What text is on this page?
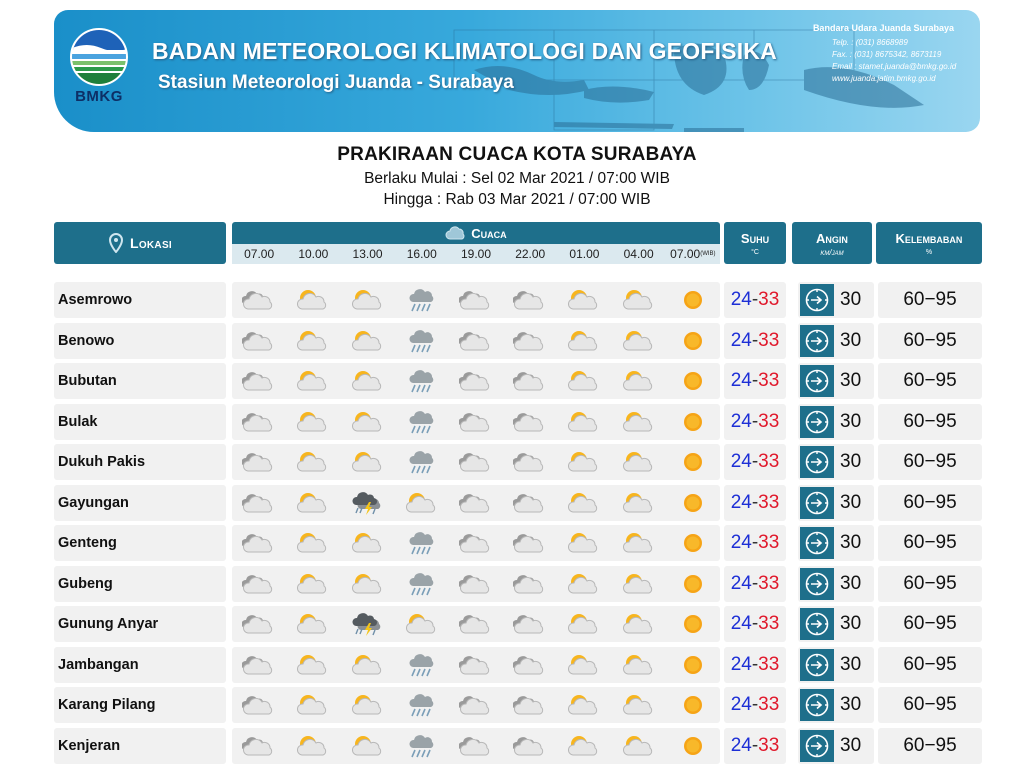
BMKG
BADAN METEOROLOGI KLIMATOLOGI DAN GEOFISIKA
Stasiun Meteorologi Juanda - Surabaya
Bandara Udara Juanda Surabaya
Telp. : (031) 8668989
Fax. : (031) 8675342, 8673119
Email : stamet.juanda@bmkg.go.id
www.juanda.jatim.bmkg.go.id
PRAKIRAAN CUACA KOTA SURABAYA
Berlaku Mulai : Sel 02 Mar 2021 / 07:00 WIB
Hingga : Rab 03 Mar 2021 / 07:00 WIB
Lokasi
Cuaca
07.00	10.00	13.00	16.00	19.00	22.00	01.00	04.00	$07.00^{(WIB)}$
Suhu
°C
Angin
km/jam
Kelembaban
%
Asemrowo	24-33	30	60−95
Benowo	24-33	30	60−95
Bubutan	24-33	30	60−95
Bulak	24-33	30	60−95
Dukuh Pakis	24-33	30	60−95
Gayungan	24-33	30	60−95
Genteng	24-33	30	60−95
Gubeng	24-33	30	60−95
Gunung Anyar	24-33	30	60−95
Jambangan	24-33	30	60−95
Karang Pilang	24-33	30	60−95
Kenjeran	24-33	30	60−95
